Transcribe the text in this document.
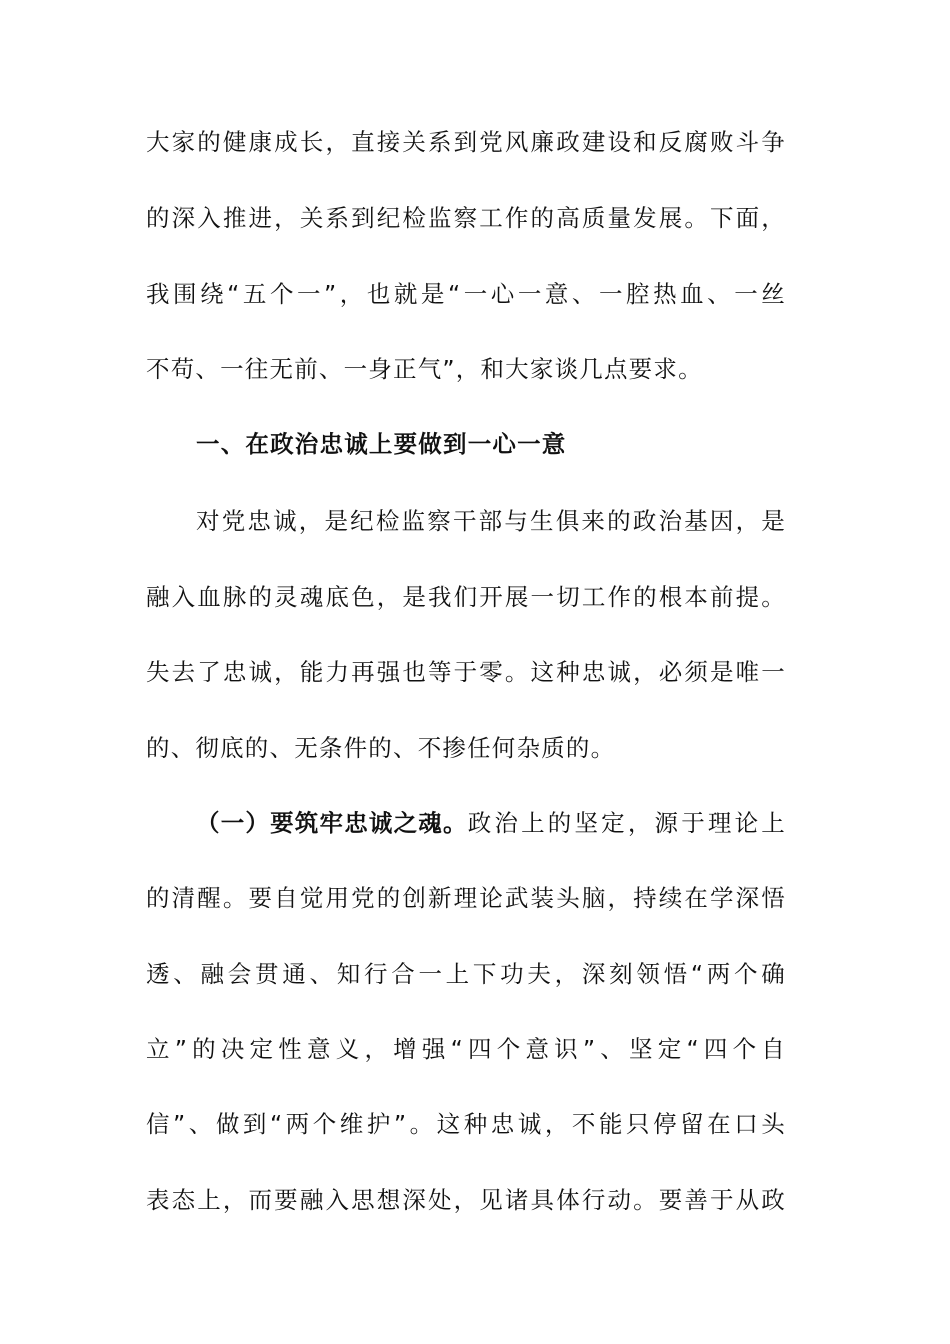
大家的健康成长，直接关系到党风廉政建设和反腐败斗争
的深入推进，关系到纪检监察工作的高质量发展。下面，
我围绕“五个一”，也就是“一心一意、一腔热血、一丝
不苟、一往无前、一身正气”，和大家谈几点要求。
一、在政治忠诚上要做到一心一意
对党忠诚，是纪检监察干部与生俱来的政治基因，是
融入血脉的灵魂底色，是我们开展一切工作的根本前提。
失去了忠诚，能力再强也等于零。这种忠诚，必须是唯一
的、彻底的、无条件的、不掺任何杂质的。
（一）要筑牢忠诚之魂。 政治上的坚定，源于理论上
的清醒。要自觉用党的创新理论武装头脑，持续在学深悟
透、融会贯通、知行合一上下功夫，深刻领悟“两个确
立”的决定性意义，增强“四个意识”、坚定“四个自
信”、做到“两个维护”。这种忠诚，不能只停留在口头
表态上，而要融入思想深处，见诸具体行动。要善于从政
